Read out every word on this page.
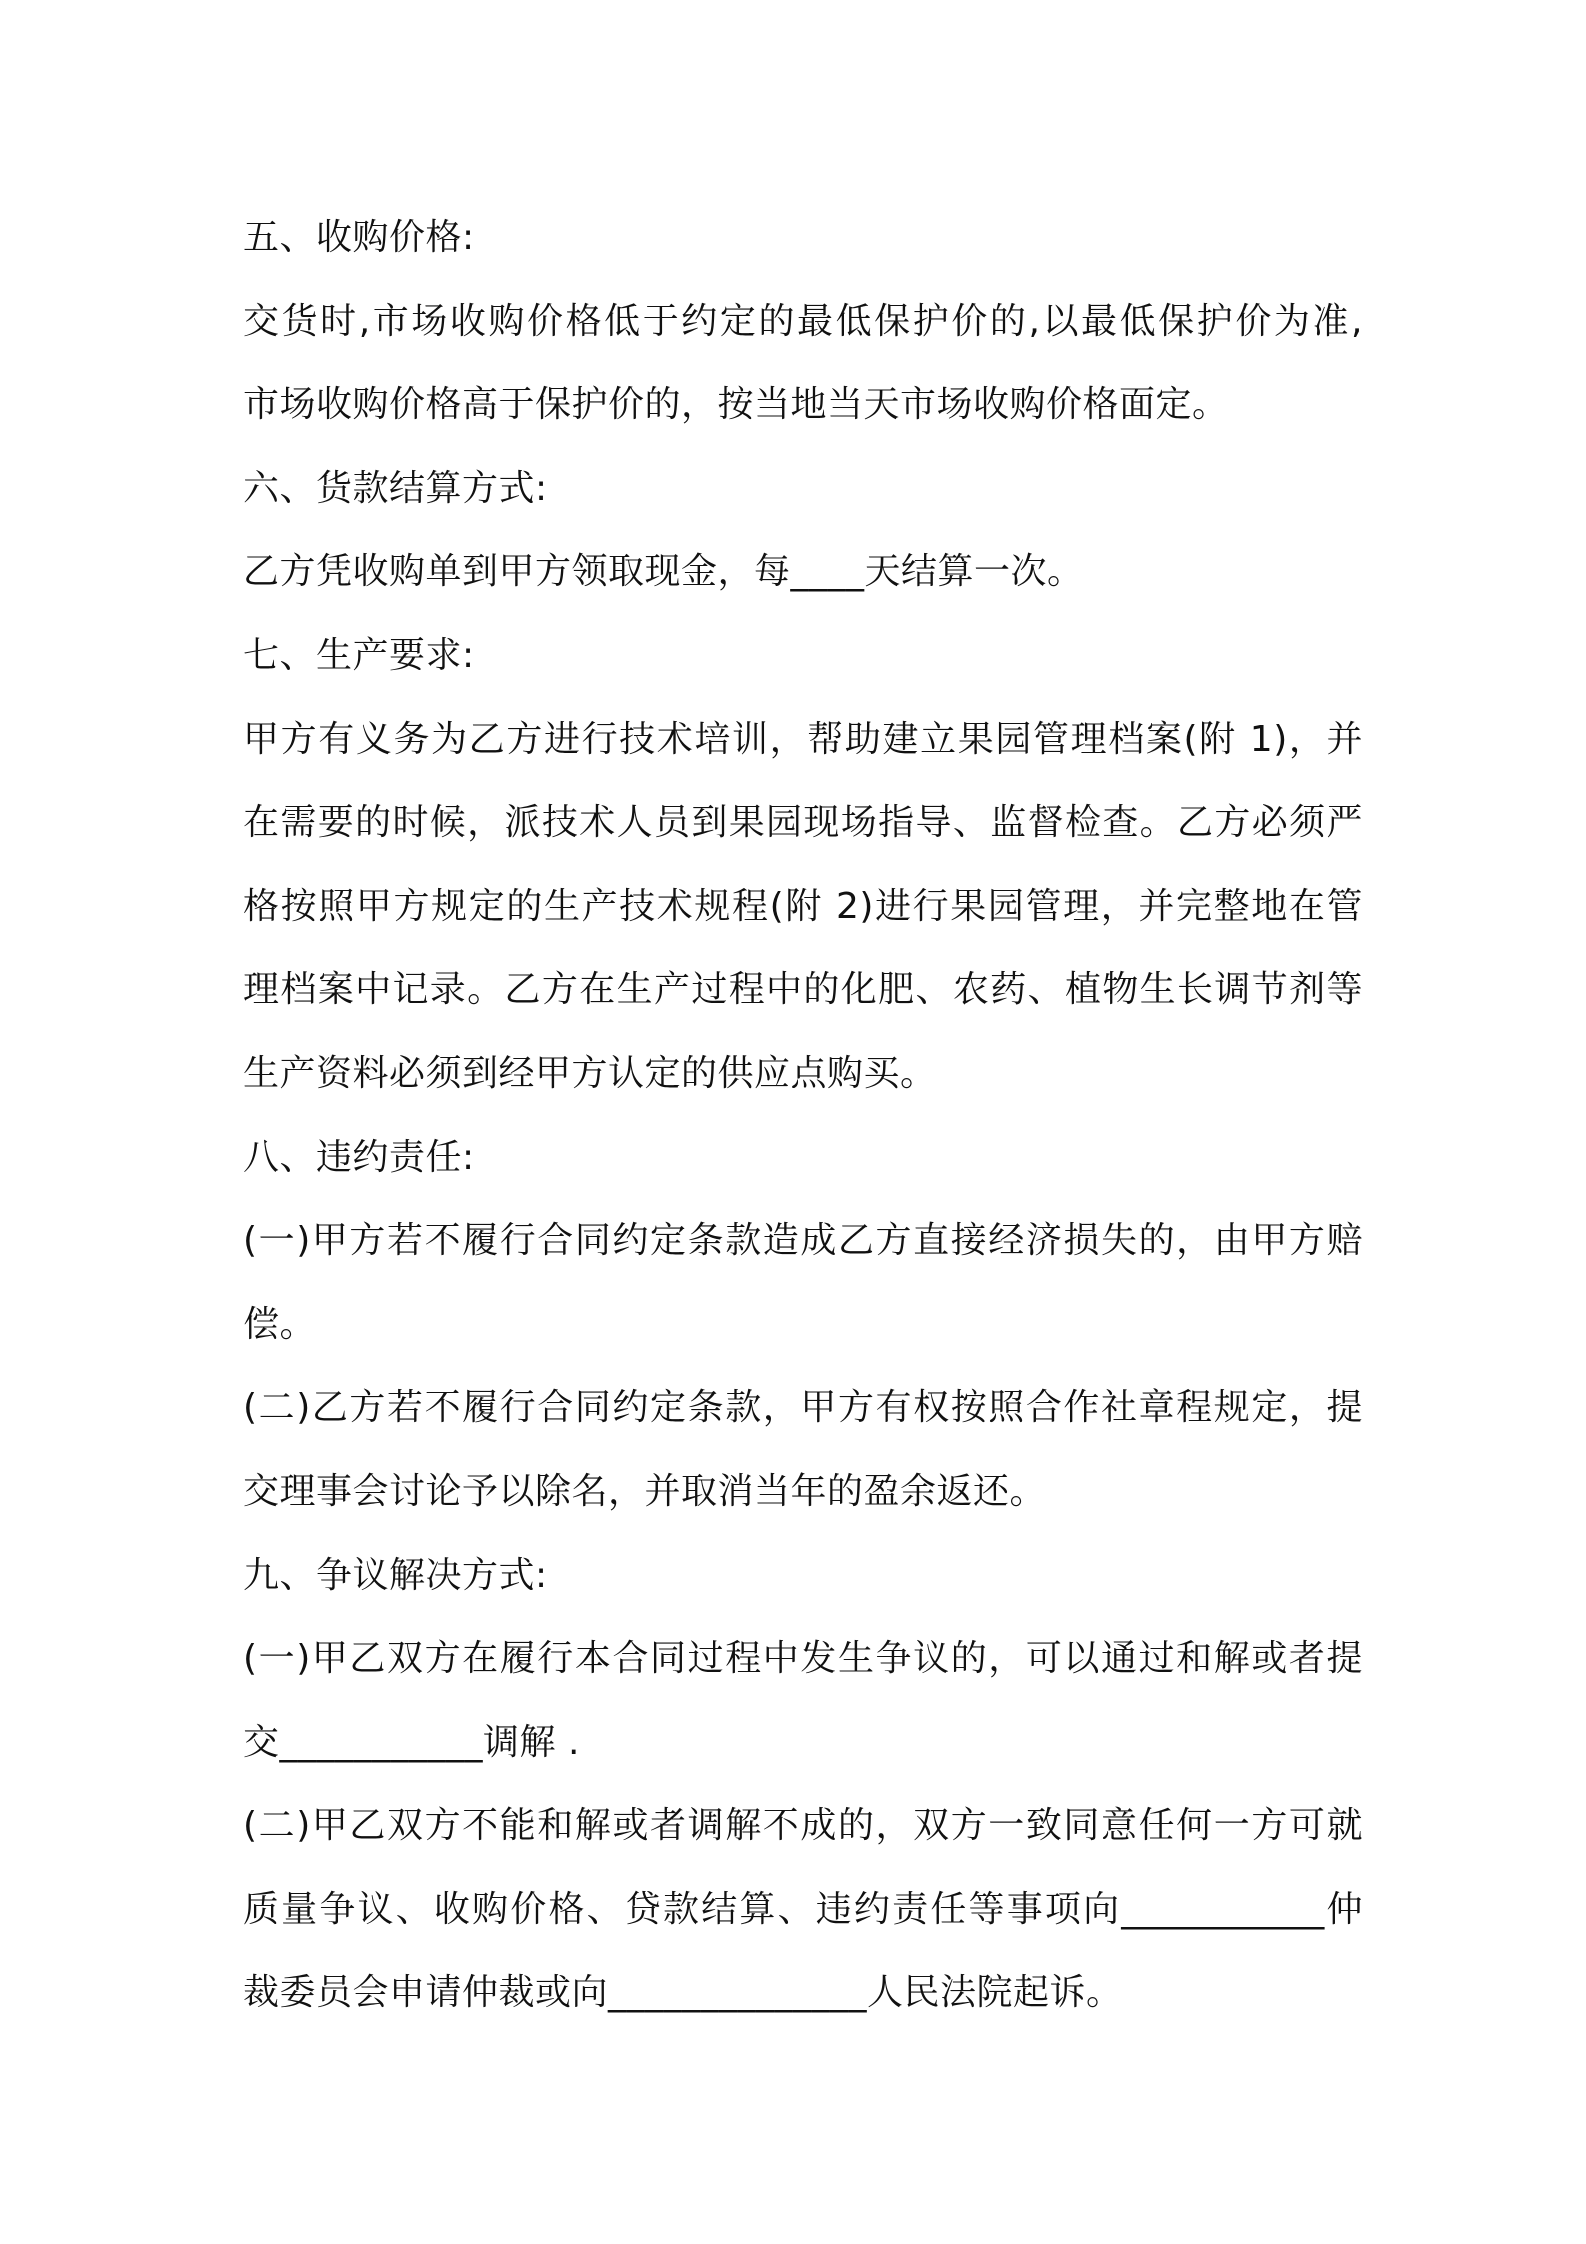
五、收购价格:
交货时,市场收购价格低于约定的最低保护价的,以最低保护价为准,
市场收购价格高于保护价的，按当地当天市场收购价格面定。
六、货款结算方式:
乙方凭收购单到甲方领取现金，每____天结算一次。
七、生产要求:
甲方有义务为乙方进行技术培训，帮助建立果园管理档案(附 1)，并
在需要的时候，派技术人员到果园现场指导、监督检查。乙方必须严
格按照甲方规定的生产技术规程(附 2)进行果园管理，并完整地在管
理档案中记录。乙方在生产过程中的化肥、农药、植物生长调节剂等
生产资料必须到经甲方认定的供应点购买。
八、违约责任:
(一)甲方若不履行合同约定条款造成乙方直接经济损失的，由甲方赔
偿。
(二)乙方若不履行合同约定条款，甲方有权按照合作社章程规定，提
交理事会讨论予以除名，并取消当年的盈余返还。
九、争议解决方式:
(一)甲乙双方在履行本合同过程中发生争议的，可以通过和解或者提
交___________调解 .
(二)甲乙双方不能和解或者调解不成的，双方一致同意任何一方可就
质量争议、收购价格、贷款结算、违约责任等事项向___________仲
裁委员会申请仲裁或向______________人民法院起诉。
